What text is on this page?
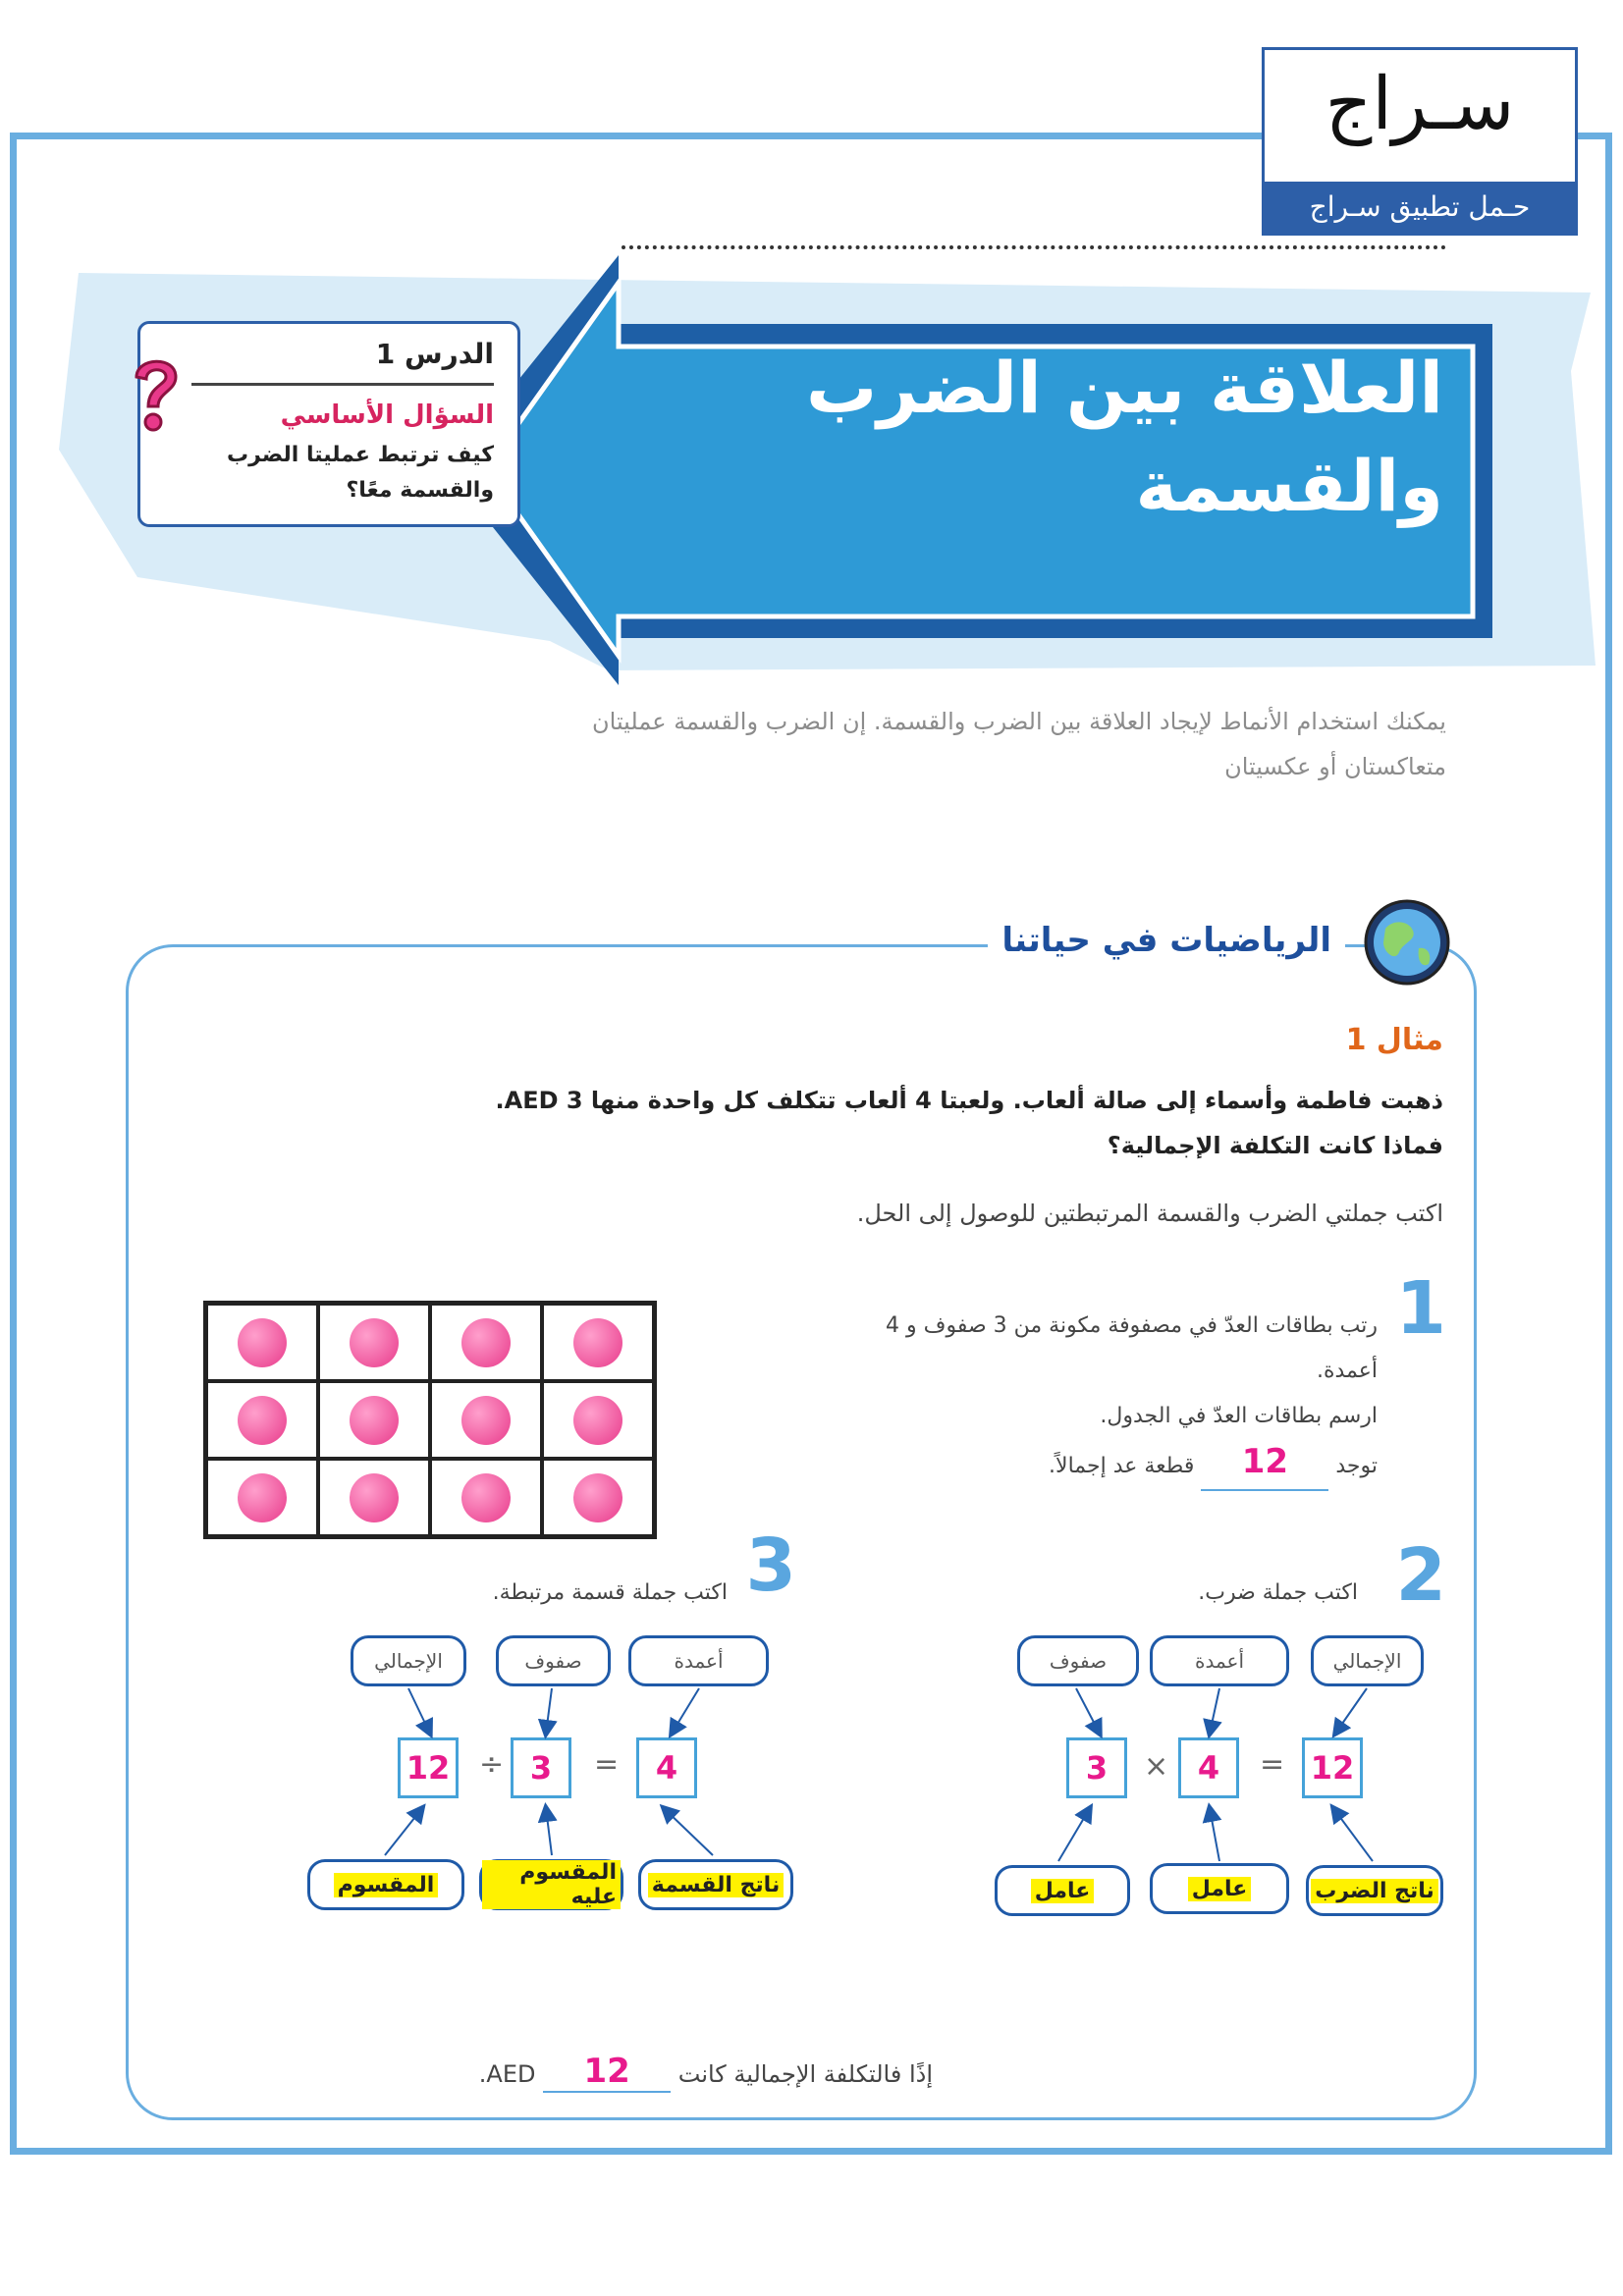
سـراج
حـمل تطبيق سـراج
العلاقة بين الضرب والقسمة
الدرس 1
السؤال الأساسي
كيف ترتبط عمليتا الضرب والقسمة معًا؟
يمكنك استخدام الأنماط لإيجاد العلاقة بين الضرب والقسمة. إن الضرب والقسمة عمليتان متعاكستان أو عكسيتان
الرياضيات في حياتنا
مثال 1
ذهبت فاطمة وأسماء إلى صالة ألعاب. ولعبتا 4 ألعاب تتكلف كل واحدة منها AED 3.
فماذا كانت التكلفة الإجمالية؟
اكتب جملتي الضرب والقسمة المرتبطتين للوصول إلى الحل.
1
رتب بطاقات العدّ في مصفوفة مكونة من 3 صفوف و 4 أعمدة.
ارسم بطاقات العدّ في الجدول.
توجد 12 قطعة عد إجمالاً.
2
اكتب جملة ضرب.
صفوف	أعمدة	الإجمالي
3	× 4	= 12
عامل	عامل	ناتج الضرب
3
اكتب جملة قسمة مرتبطة.
الإجمالي	صفوف	أعمدة
12 ÷ 3	=	4
المقسوم	المقسوم عليه ناتج القسمة
إذًا فالتكلفة الإجمالية كانت 12 AED.
